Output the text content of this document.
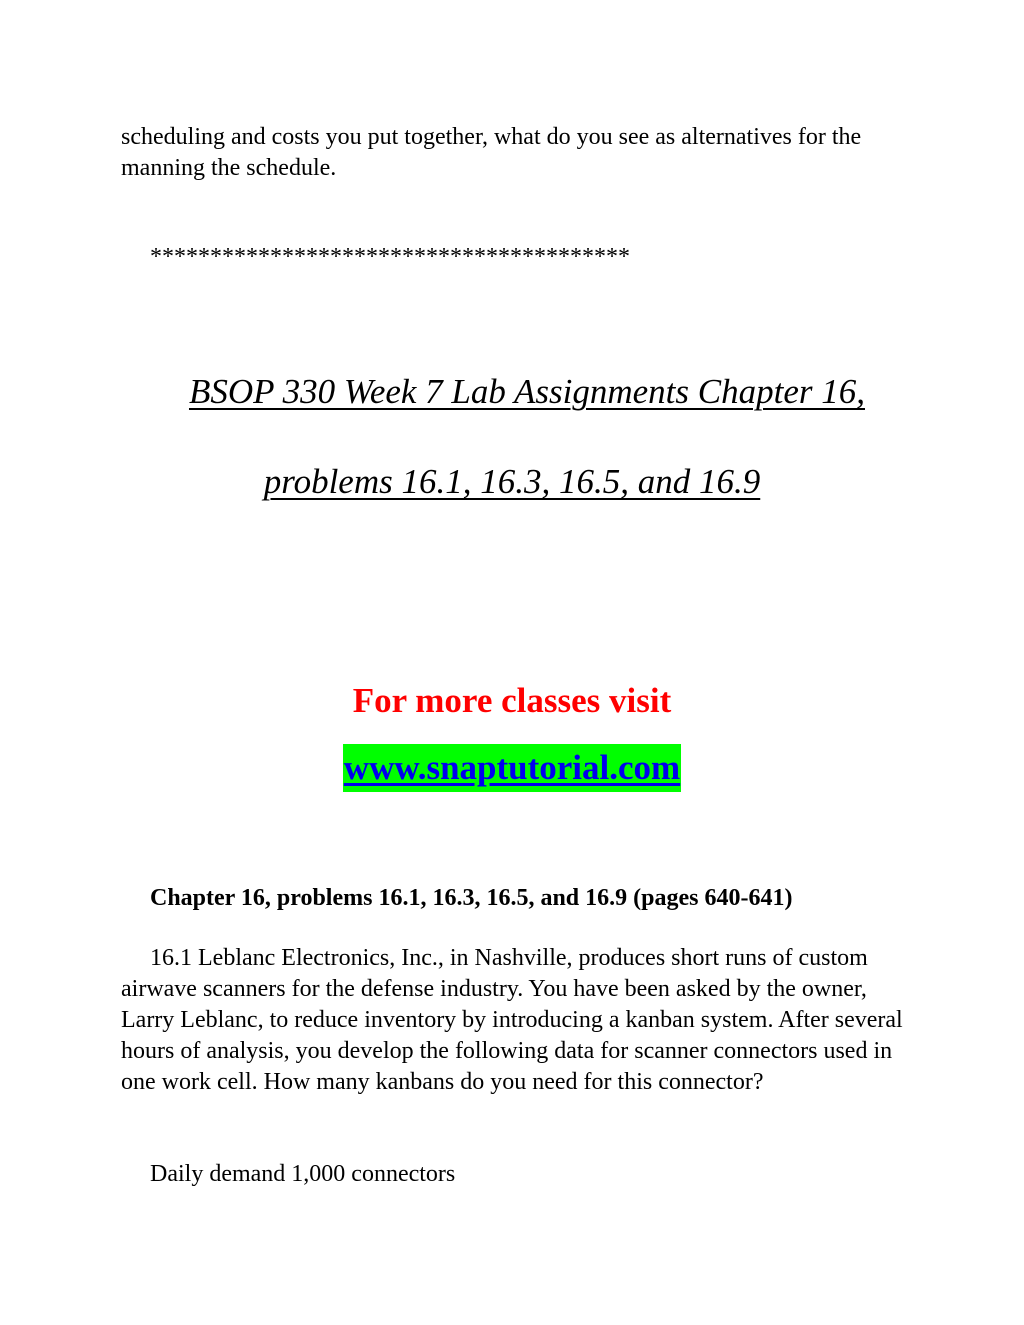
scheduling and costs you put together, what do you see as alternatives for the manning the schedule.

****************************************

BSOP 330 Week 7 Lab Assignments Chapter 16,

problems 16.1, 16.3, 16.5, and 16.9

For more classes visit

www.snaptutorial.com

Chapter 16, problems 16.1, 16.3, 16.5, and 16.9 (pages 640-641)

16.1 Leblanc Electronics, Inc., in Nashville, produces short runs of custom airwave scanners for the defense industry. You have been asked by the owner, Larry Leblanc, to reduce inventory by introducing a kanban system. After several hours of analysis, you develop the following data for scanner connectors used in one work cell. How many kanbans do you need for this connector?

Daily demand 1,000 connectors
